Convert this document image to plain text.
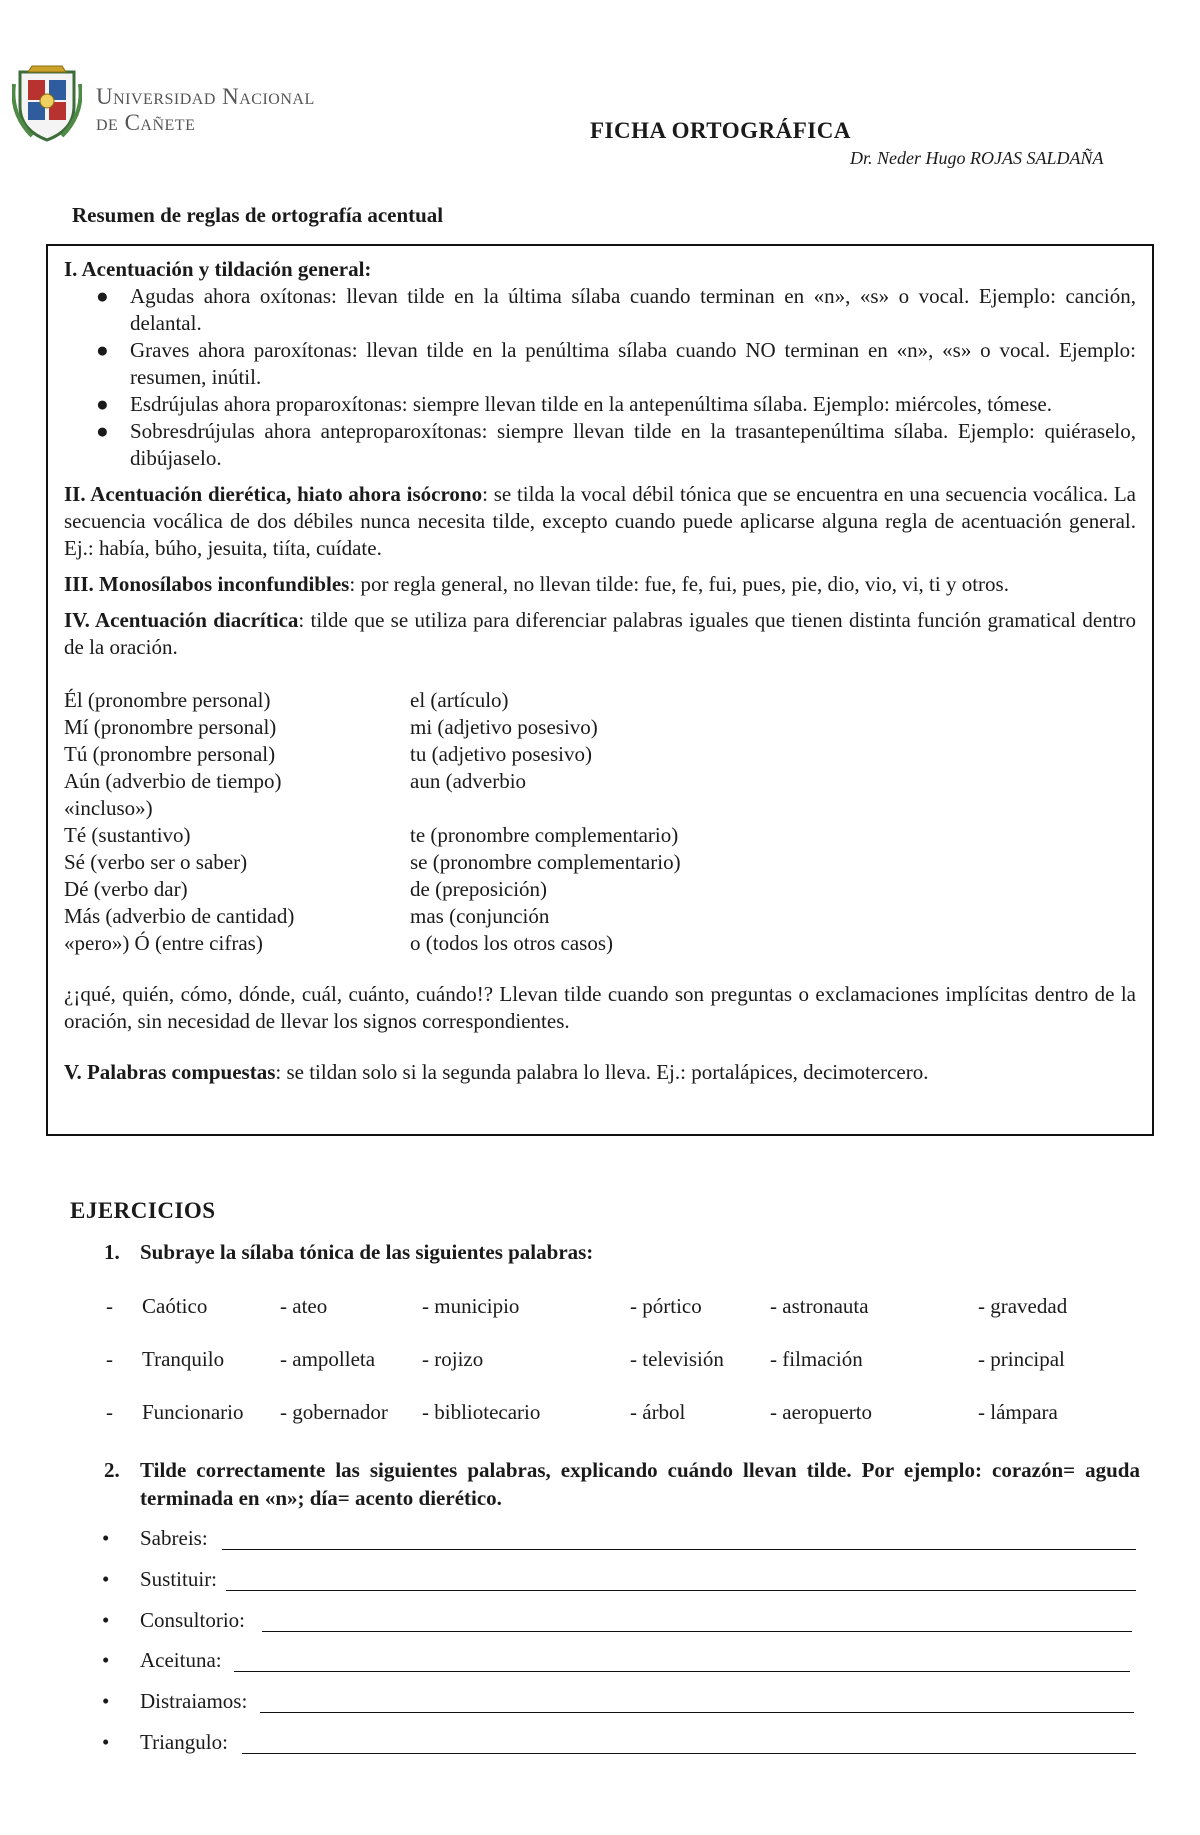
Universidad Nacional
de Cañete	FICHA ORTOGRÁFICA
Dr. Neder Hugo ROJAS SALDAÑA
Resumen de reglas de ortografía acentual
I. Acentuación y tildación general:
● Agudas ahora oxítonas: llevan tilde en la última sílaba cuando terminan en «n», «s» o vocal. Ejemplo: canción, delantal.
● Graves ahora paroxítonas: llevan tilde en la penúltima sílaba cuando NO terminan en «n», «s» o vocal. Ejemplo: resumen, inútil.
● Esdrújulas ahora proparoxítonas: siempre llevan tilde en la antepenúltima sílaba. Ejemplo: miércoles, tómese.
● Sobresdrújulas ahora anteproparoxítonas: siempre llevan tilde en la trasantepenúltima sílaba. Ejemplo: quiéraselo, dibújaselo.
II. Acentuación dierética, hiato ahora isócrono: se tilda la vocal débil tónica que se encuentra en una secuencia vocálica. La secuencia vocálica de dos débiles nunca necesita tilde, excepto cuando puede aplicarse alguna regla de acentuación general. Ej.: había, búho, jesuita, tiíta, cuídate.
III. Monosílabos inconfundibles: por regla general, no llevan tilde: fue, fe, fui, pues, pie, dio, vio, vi, ti y otros.
IV. Acentuación diacrítica: tilde que se utiliza para diferenciar palabras iguales que tienen distinta función gramatical dentro de la oración.
Él (pronombre personal)	el (artículo)
Mí (pronombre personal)	mi (adjetivo posesivo)
Tú (pronombre personal)	tu (adjetivo posesivo)
Aún (adverbio de tiempo)	aun (adverbio
«incluso»)
Té (sustantivo)	te (pronombre complementario)
Sé (verbo ser o saber)	se (pronombre complementario)
Dé (verbo dar)	de (preposición)
Más (adverbio de cantidad)	mas (conjunción
«pero») Ó (entre cifras)	o (todos los otros casos)
¿¡qué, quién, cómo, dónde, cuál, cuánto, cuándo!? Llevan tilde cuando son preguntas o exclamaciones implícitas dentro de la oración, sin necesidad de llevar los signos correspondientes.
V. Palabras compuestas: se tildan solo si la segunda palabra lo lleva. Ej.: portalápices, decimotercero.
EJERCICIOS
1. Subraye la sílaba tónica de las siguientes palabras:
- Caótico	- ateo	- municipio	- pórtico	- astronauta	- gravedad
- Tranquilo	- ampolleta - rojizo	- televisión - filmación	- principal
- Funcionario - gobernador - bibliotecario	- árbol	- aeropuerto	- lámpara
2. Tilde correctamente las siguientes palabras, explicando cuándo llevan tilde. Por ejemplo: corazón= aguda terminada en «n»; día= acento dierético.
• Sabreis:
• Sustituir:
• Consultorio:
• Aceituna:
• Distraiamos:
• Triangulo:
